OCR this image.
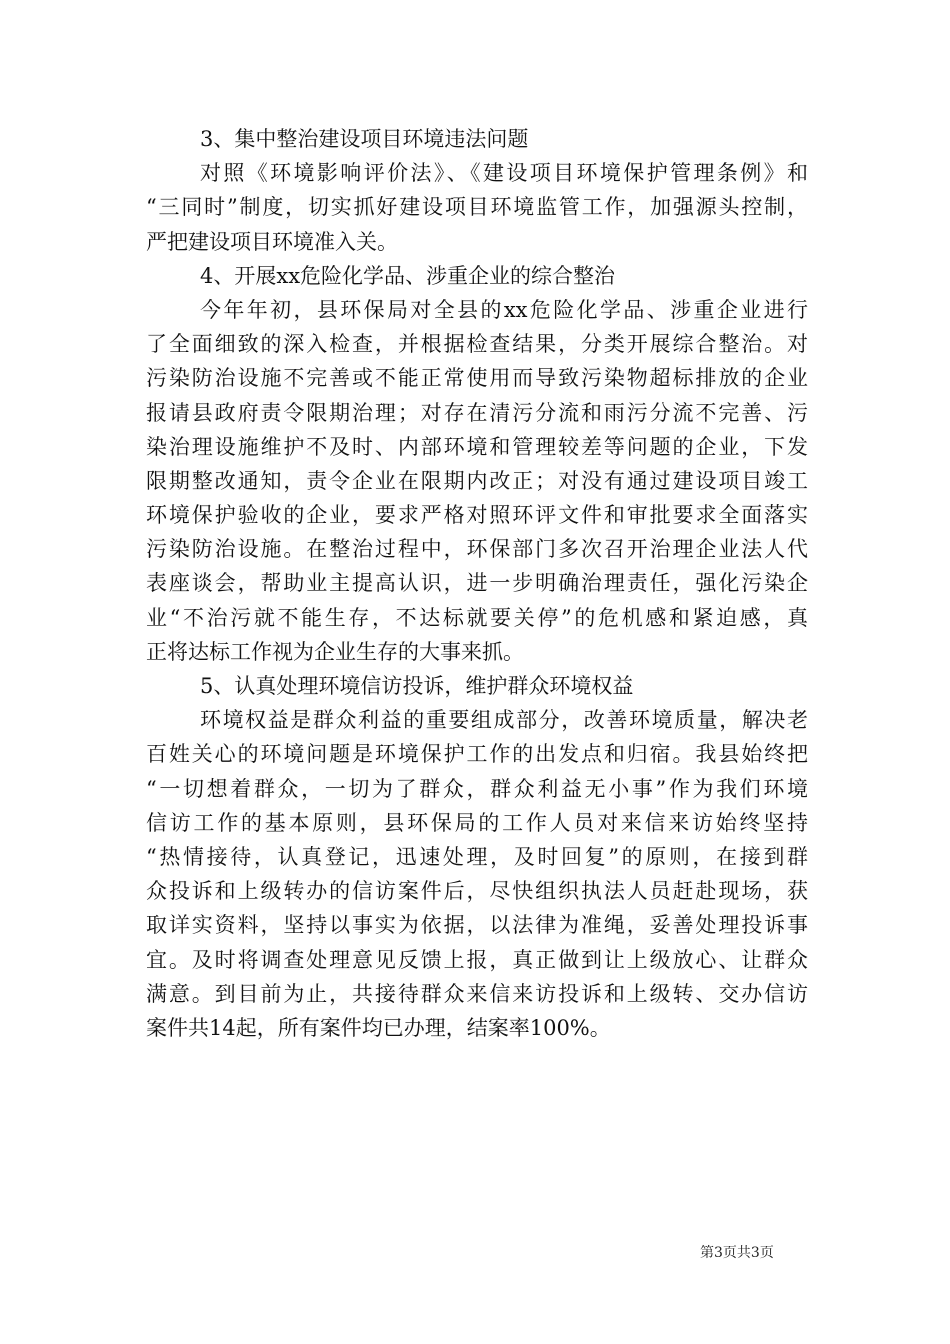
3、集中整治建设项目环境违法问题
对照《环境影响评价法》、《建设项目环境保护管理条例》和
“三同时”制度，切实抓好建设项目环境监管工作，加强源头控制，
严把建设项目环境准入关。
4、开展xx危险化学品、涉重企业的综合整治
今年年初，县环保局对全县的xx危险化学品、涉重企业进行
了全面细致的深入检查，并根据检查结果，分类开展综合整治。对
污染防治设施不完善或不能正常使用而导致污染物超标排放的企业
报请县政府责令限期治理；对存在清污分流和雨污分流不完善、污
染治理设施维护不及时、内部环境和管理较差等问题的企业，下发
限期整改通知，责令企业在限期内改正；对没有通过建设项目竣工
环境保护验收的企业，要求严格对照环评文件和审批要求全面落实
污染防治设施。在整治过程中，环保部门多次召开治理企业法人代
表座谈会，帮助业主提高认识，进一步明确治理责任，强化污染企
业“不治污就不能生存，不达标就要关停”的危机感和紧迫感，真
正将达标工作视为企业生存的大事来抓。
5、认真处理环境信访投诉，维护群众环境权益
环境权益是群众利益的重要组成部分，改善环境质量，解决老
百姓关心的环境问题是环境保护工作的出发点和归宿。我县始终把
“一切想着群众，一切为了群众，群众利益无小事”作为我们环境
信访工作的基本原则，县环保局的工作人员对来信来访始终坚持
“热情接待，认真登记，迅速处理，及时回复”的原则，在接到群
众投诉和上级转办的信访案件后，尽快组织执法人员赶赴现场，获
取详实资料，坚持以事实为依据，以法律为准绳，妥善处理投诉事
宜。及时将调查处理意见反馈上报，真正做到让上级放心、让群众
满意。到目前为止，共接待群众来信来访投诉和上级转、交办信访
案件共14起，所有案件均已办理，结案率100%。
第3页共3页
